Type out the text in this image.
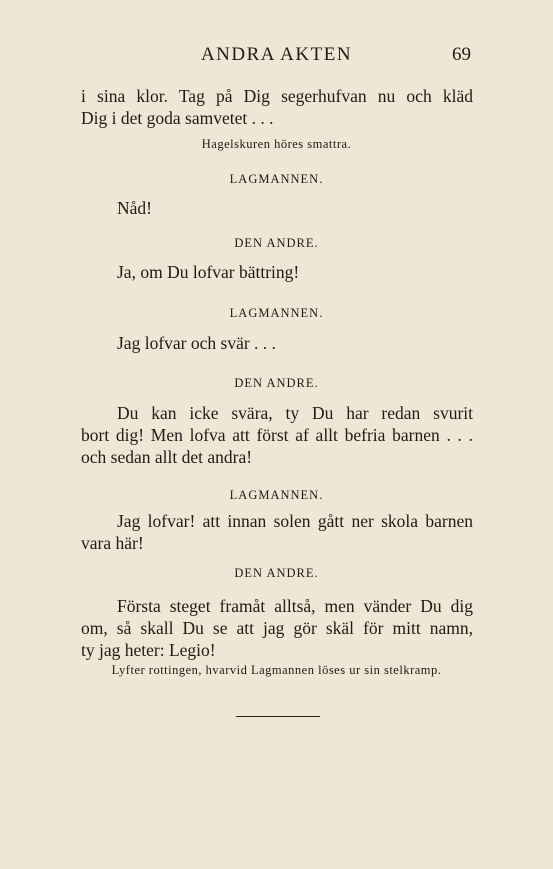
ANDRA AKTEN	69
i sina klor. Tag på Dig segerhufvan nu och kläd
Dig i det goda samvetet . . .
Hagelskuren höres smattra.
LAGMANNEN.
Nåd!
DEN ANDRE.
Ja, om Du lofvar bättring!
LAGMANNEN.
Jag lofvar och svär . . .
DEN ANDRE.
Du kan icke svära, ty Du har redan svurit
bort dig! Men lofva att först af allt befria barnen . . .
och sedan allt det andra!
LAGMANNEN.
Jag lofvar! att innan solen gått ner skola barnen
vara här!
DEN ANDRE.
Första steget framåt alltså, men vänder Du dig
om, så skall Du se att jag gör skäl för mitt namn,
ty jag heter: Legio!
Lyfter rottingen, hvarvid Lagmannen löses ur sin stelkramp.
